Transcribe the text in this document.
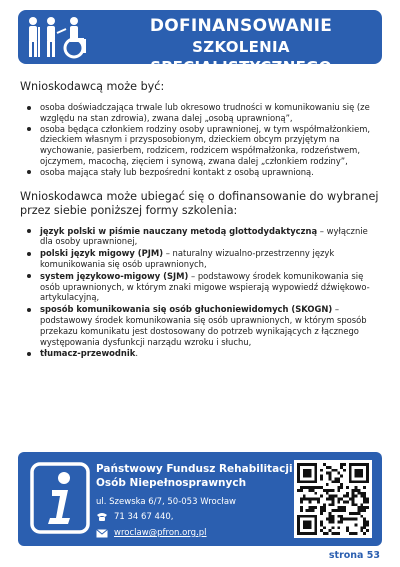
DOFINANSOWANIE
SZKOLENIA SPECJALISTYCZNEGO

Wnioskodawcą może być:

osoba doświadczająca trwale lub okresowo trudności w komunikowaniu się (ze względu na stan zdrowia), zwana dalej „osobą uprawnioną”,
osoba będąca członkiem rodziny osoby uprawnionej, w tym współmałżonkiem, dzieckiem własnym i przysposobionym, dzieckiem obcym przyjętym na wychowanie, pasierbem, rodzicem, rodzicem współmałżonka, rodzeństwem, ojczymem, macochą, zięciem i synową, zwana dalej „członkiem rodziny”,
osoba mająca stały lub bezpośredni kontakt z osobą uprawnioną.

Wnioskodawca może ubiegać się o dofinansowanie do wybranej przez siebie poniższej formy szkolenia:

język polski w piśmie nauczany metodą glottodydaktyczną – wyłącznie dla osoby uprawnionej,
polski język migowy (PJM) – naturalny wizualno-przestrzenny język komunikowania się osób uprawnionych,
system językowo-migowy (SJM) – podstawowy środek komunikowania się osób uprawnionych, w którym znaki migowe wspierają wypowiedź dźwiękowo-artykulacyjną,
sposób komunikowania się osób głuchoniewidomych (SKOGN) – podstawowy środek komunikowania się osób uprawnionych, w którym sposób przekazu komunikatu jest dostosowany do potrzeb wynikających z łącznego występowania dysfunkcji narządu wzroku i słuchu,
tłumacz-przewodnik.
Państwowy Fundusz Rehabilitacji
Osób Niepełnosprawnych
ul. Szewska 6/7, 50-053 Wrocław
71 34 67 440,
wroclaw@pfron.org.pl
strona 53
